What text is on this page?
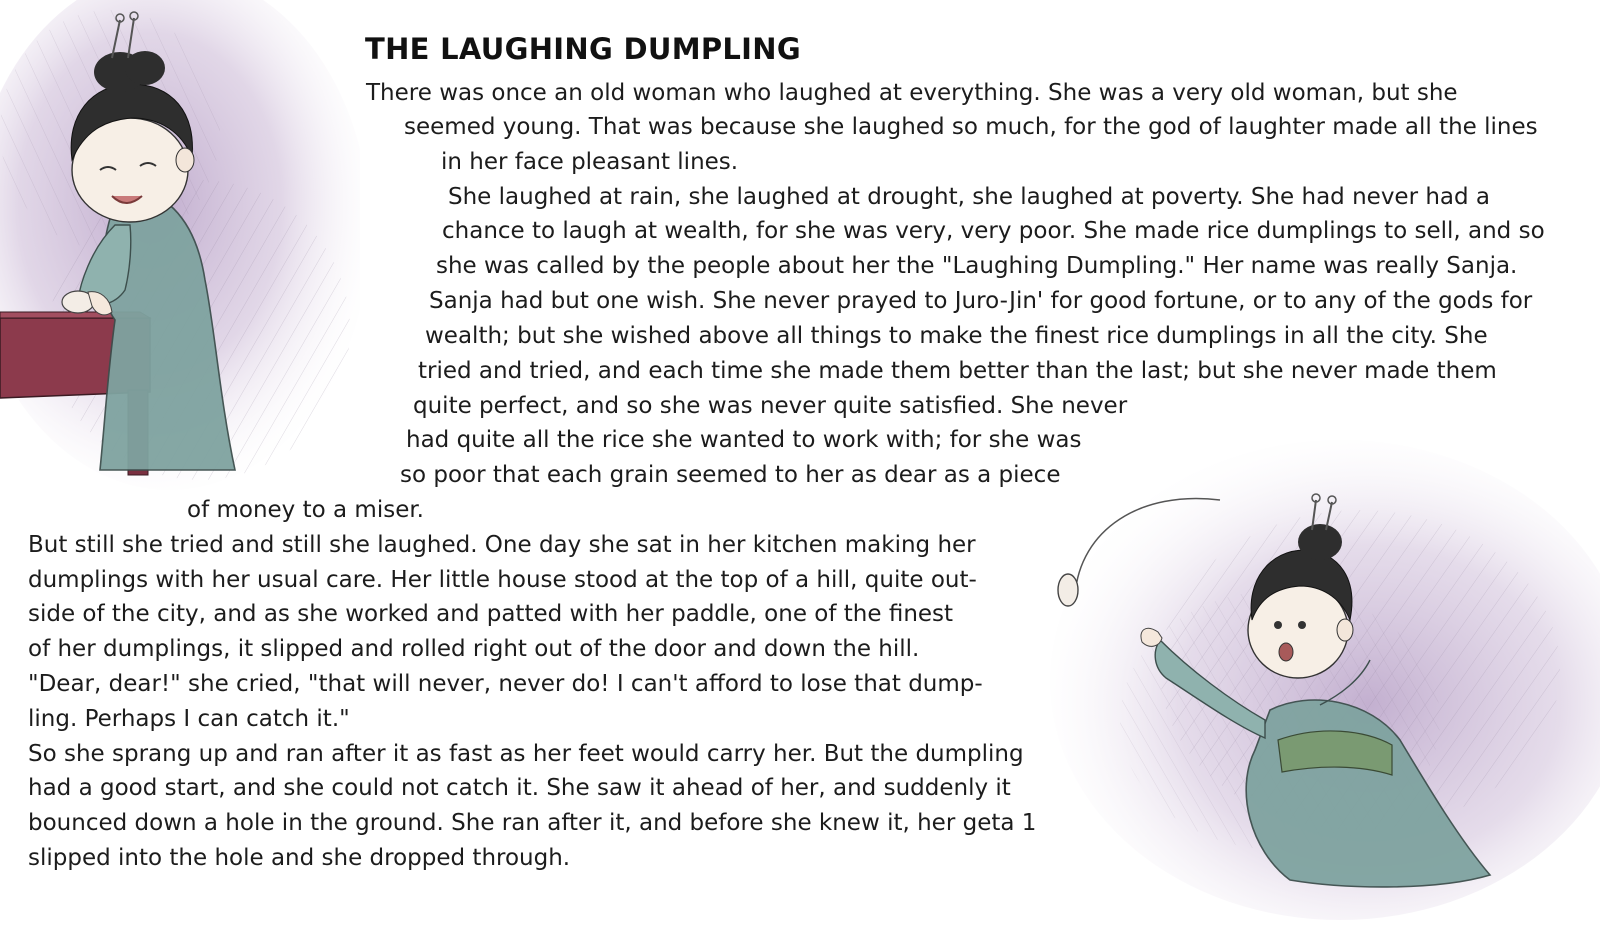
THE LAUGHING DUMPLING
There was once an old woman who laughed at everything. She was a very old woman, but she
seemed young. That was because she laughed so much, for the god of laughter made all the lines
in her face pleasant lines.
She laughed at rain, she laughed at drought, she laughed at poverty. She had never had a
chance to laugh at wealth, for she was very, very poor. She made rice dumplings to sell, and so
she was called by the people about her the "Laughing Dumpling." Her name was really Sanja.
Sanja had but one wish. She never prayed to Juro-Jin' for good fortune, or to any of the gods for
wealth; but she wished above all things to make the finest rice dumplings in all the city. She
tried and tried, and each time she made them better than the last; but she never made them
quite perfect, and so she was never quite satisfied. She never
had quite all the rice she wanted to work with; for she was
so poor that each grain seemed to her as dear as a piece
of money to a miser.
But still she tried and still she laughed. One day she sat in her kitchen making her
dumplings with her usual care. Her little house stood at the top of a hill, quite out-
side of the city, and as she worked and patted with her paddle, one of the finest
of her dumplings, it slipped and rolled right out of the door and down the hill.
"Dear, dear!" she cried, "that will never, never do! I can't afford to lose that dump-
ling. Perhaps I can catch it."
So she sprang up and ran after it as fast as her feet would carry her. But the dumpling
had a good start, and she could not catch it. She saw it ahead of her, and suddenly it
bounced down a hole in the ground. She ran after it, and before she knew it, her geta 1
slipped into the hole and she dropped through.
